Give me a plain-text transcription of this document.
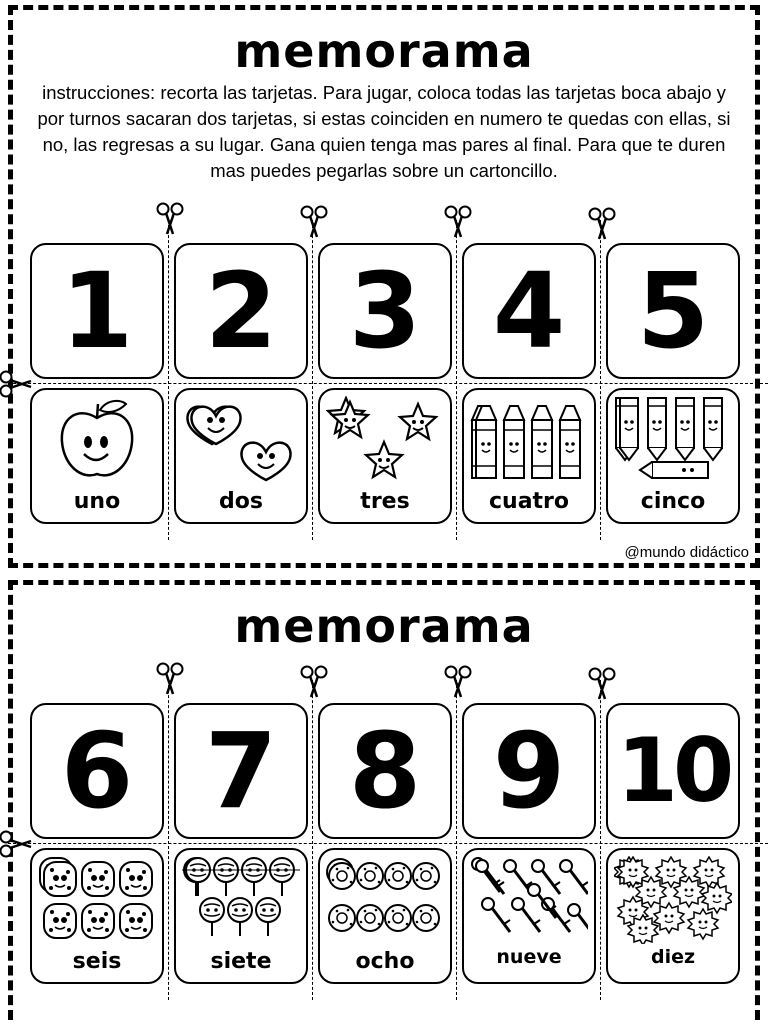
memorama
instrucciones: recorta las tarjetas. Para jugar, coloca todas las tarjetas boca abajo y por turnos sacaran dos tarjetas, si estas coinciden en numero te quedas con ellas, si no, las regresas a su lugar. Gana quien tenga mas pares al final. Para que te duren mas puedes pegarlas sobre un cartoncillo.
@mundo didáctico
memorama
1 2 3 4 5
uno	dos	tres	cuatro	cinco
6 7 8 9 10
seis	siete	ocho	nueve	diez
